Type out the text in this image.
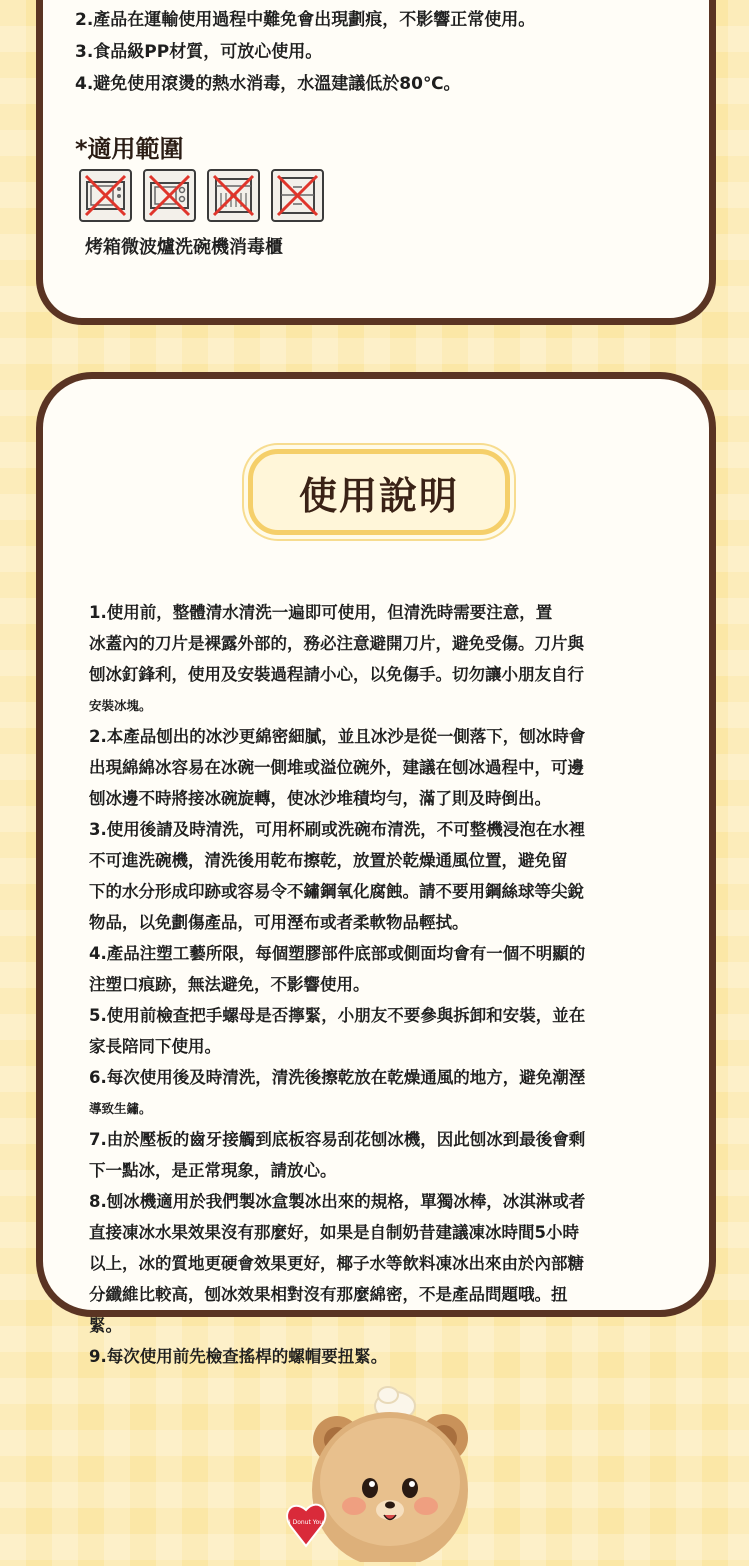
2.產品在運輸使用過程中難免會出現劃痕，不影響正常使用。
3.食品級PP材質，可放心使用。
4.避免使用滾燙的熱水消毒，水溫建議低於80℃。
*適用範圍
烤箱微波爐洗碗機消毒櫃
使用說明
1.使用前，整體清水清洗一遍即可使用，但清洗時需要注意，置
冰蓋內的刀片是裸露外部的，務必注意避開刀片，避免受傷。刀片與
刨冰釘鋒利，使用及安裝過程請小心，以免傷手。切勿讓小朋友自行
安裝冰塊。
2.本產品刨出的冰沙更綿密細膩，並且冰沙是從一側落下，刨冰時會
出現綿綿冰容易在冰碗一側堆或溢位碗外，建議在刨冰過程中，可邊
刨冰邊不時將接冰碗旋轉，使冰沙堆積均勻，滿了則及時倒出。
3.使用後請及時清洗，可用杯刷或洗碗布清洗，不可整機浸泡在水裡
不可進洗碗機，清洗後用乾布擦乾，放置於乾燥通風位置，避免留
下的水分形成印跡或容易令不鏽鋼氧化腐蝕。請不要用鋼絲球等尖銳
物品，以免劃傷產品，可用溼布或者柔軟物品輕拭。
4.產品注塑工藝所限，每個塑膠部件底部或側面均會有一個不明顯的
注塑口痕跡，無法避免，不影響使用。
5.使用前檢查把手螺母是否擰緊，小朋友不要參與拆卸和安裝，並在
家長陪同下使用。
6.每次使用後及時清洗，清洗後擦乾放在乾燥通風的地方，避免潮溼
導致生鏽。
7.由於壓板的齒牙接觸到底板容易刮花刨冰機，因此刨冰到最後會剩
下一點冰，是正常現象，請放心。
8.刨冰機適用於我們製冰盒製冰出來的規格，單獨冰棒，冰淇淋或者
直接凍冰水果效果沒有那麼好，如果是自制奶昔建議凍冰時間5小時
以上，冰的質地更硬會效果更好，椰子水等飲料凍冰出來由於內部糖
分纖維比較高，刨冰效果相對沒有那麼綿密，不是產品問題哦。扭
緊。
9.每次使用前先檢查搖桿的螺帽要扭緊。
I Donut You
